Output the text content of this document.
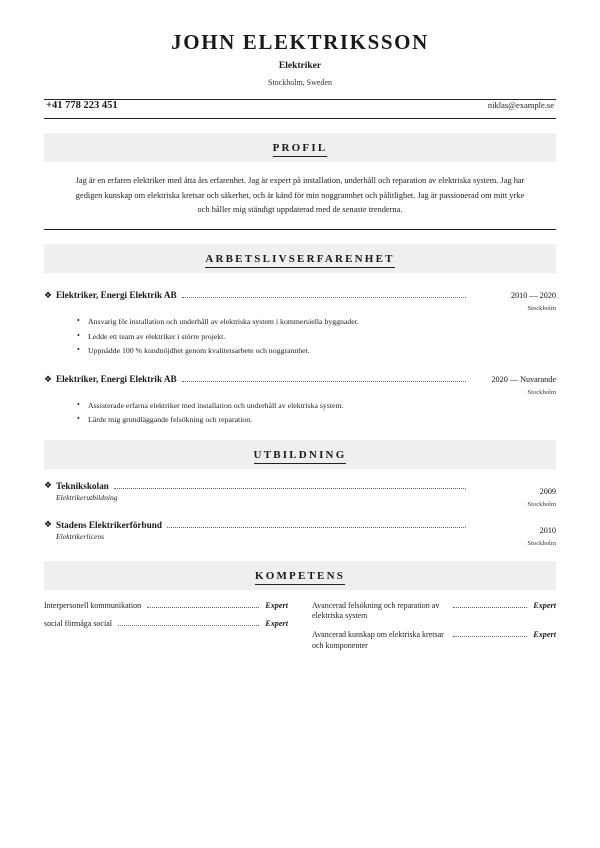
JOHN ELEKTRIKSSON
Elektriker
Stockholm, Sweden
+41 778 223 451	niklas@example.se
PROFIL
Jag är en erfaren elektriker med åtta års erfarenhet. Jag är expert på installation, underhåll och reparation av elektriska system. Jag har gedigen kunskap om elektriska kretsar och säkerhet, och är känd för min noggrannhet och pålitlighet. Jag är passionerad om mitt yrke och håller mig ständigt uppdaterad med de senaste trenderna.
ARBETSLIVSERFARENHET
❖ Elektriker, Energi Elektrik AB	2010 — 2020
Stockholm
• Ansvarig för installation och underhåll av elektriska system i kommersiella byggnader.
• Ledde ett team av elektriker i större projekt.
• Uppnådde 100 % kundnöjdhet genom kvalitetsarbete och noggrannhet.
❖ Elektriker, Energi Elektrik AB	2020 — Nuvarande
Stockholm
• Assisterade erfarna elektriker med installation och underhåll av elektriska system.
• Lärde mig grundläggande felsökning och reparation.
UTBILDNING
❖ Teknikskolan
Elektrikerutbildning
2009
Stockholm
❖ Stadens Elektrikerförbund
Elektrikerlicens
2010
Stockholm
KOMPETENS
Interpersonell kommunikation	Expert
social förmåga social	Expert
Avancerad felsökning och reparation av elektriska system
Expert
Avancerad kunskap om elektriska kretsar och komponenter
Expert
